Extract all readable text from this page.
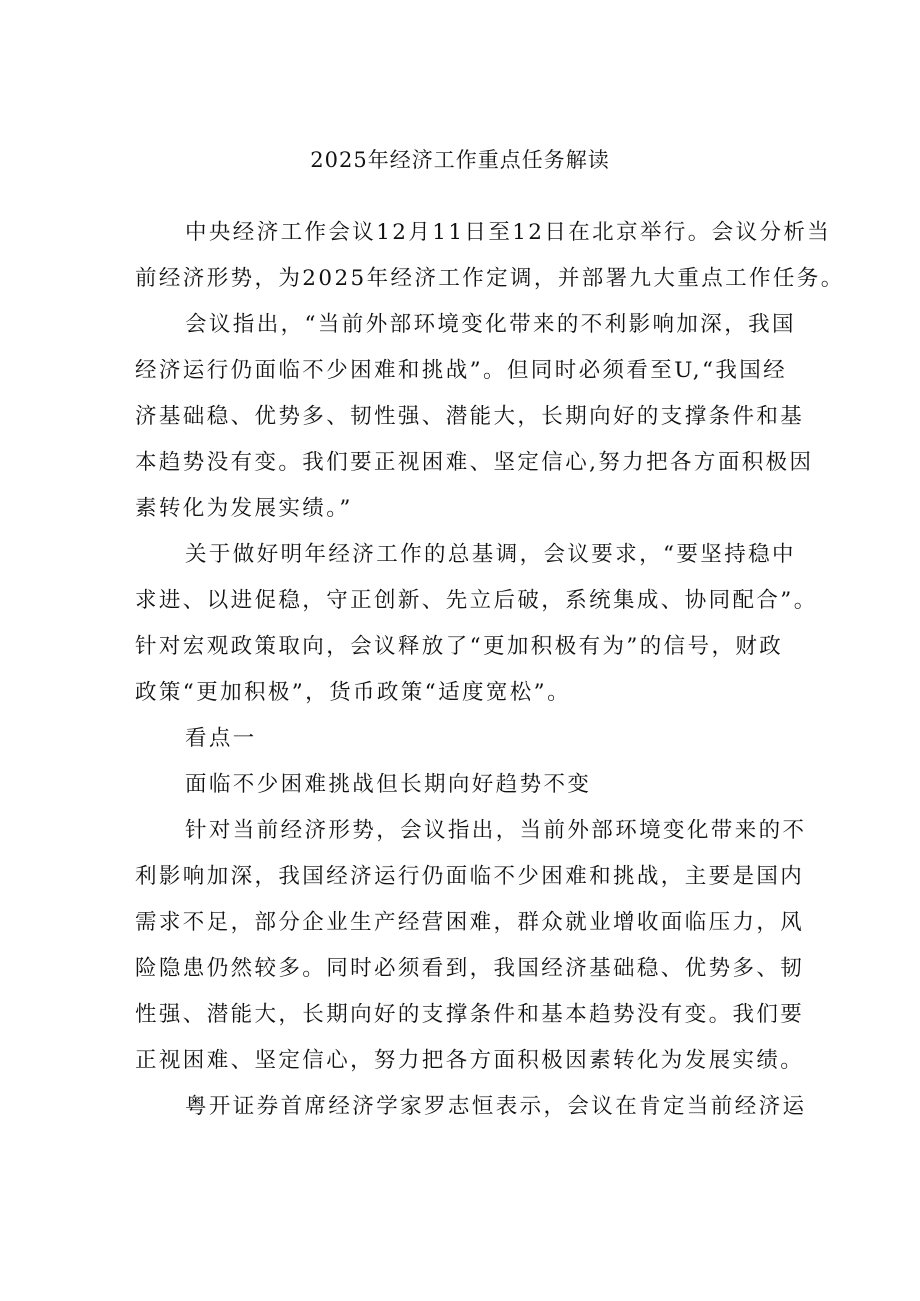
2025年经济工作重点任务解读
中央经济工作会议12月11日至12日在北京举行。会议分析当
前经济形势，为2025年经济工作定调，并部署九大重点工作任务。
会议指出，“当前外部环境变化带来的不利影响加深，我国
经济运行仍面临不少困难和挑战”。但同时必须看至U,“我国经
济基础稳、优势多、韧性强、潜能大，长期向好的支撑条件和基
本趋势没有变。我们要正视困难、坚定信心,努力把各方面积极因
素转化为发展实绩。”
关于做好明年经济工作的总基调，会议要求，“要坚持稳中
求进、以进促稳，守正创新、先立后破，系统集成、协同配合”。
针对宏观政策取向，会议释放了“更加积极有为”的信号，财政
政策“更加积极”，货币政策“适度宽松”。
看点一
面临不少困难挑战但长期向好趋势不变
针对当前经济形势，会议指出，当前外部环境变化带来的不
利影响加深，我国经济运行仍面临不少困难和挑战，主要是国内
需求不足，部分企业生产经营困难，群众就业增收面临压力，风
险隐患仍然较多。同时必须看到，我国经济基础稳、优势多、韧
性强、潜能大，长期向好的支撑条件和基本趋势没有变。我们要
正视困难、坚定信心，努力把各方面积极因素转化为发展实绩。
粤开证券首席经济学家罗志恒表示，会议在肯定当前经济运
